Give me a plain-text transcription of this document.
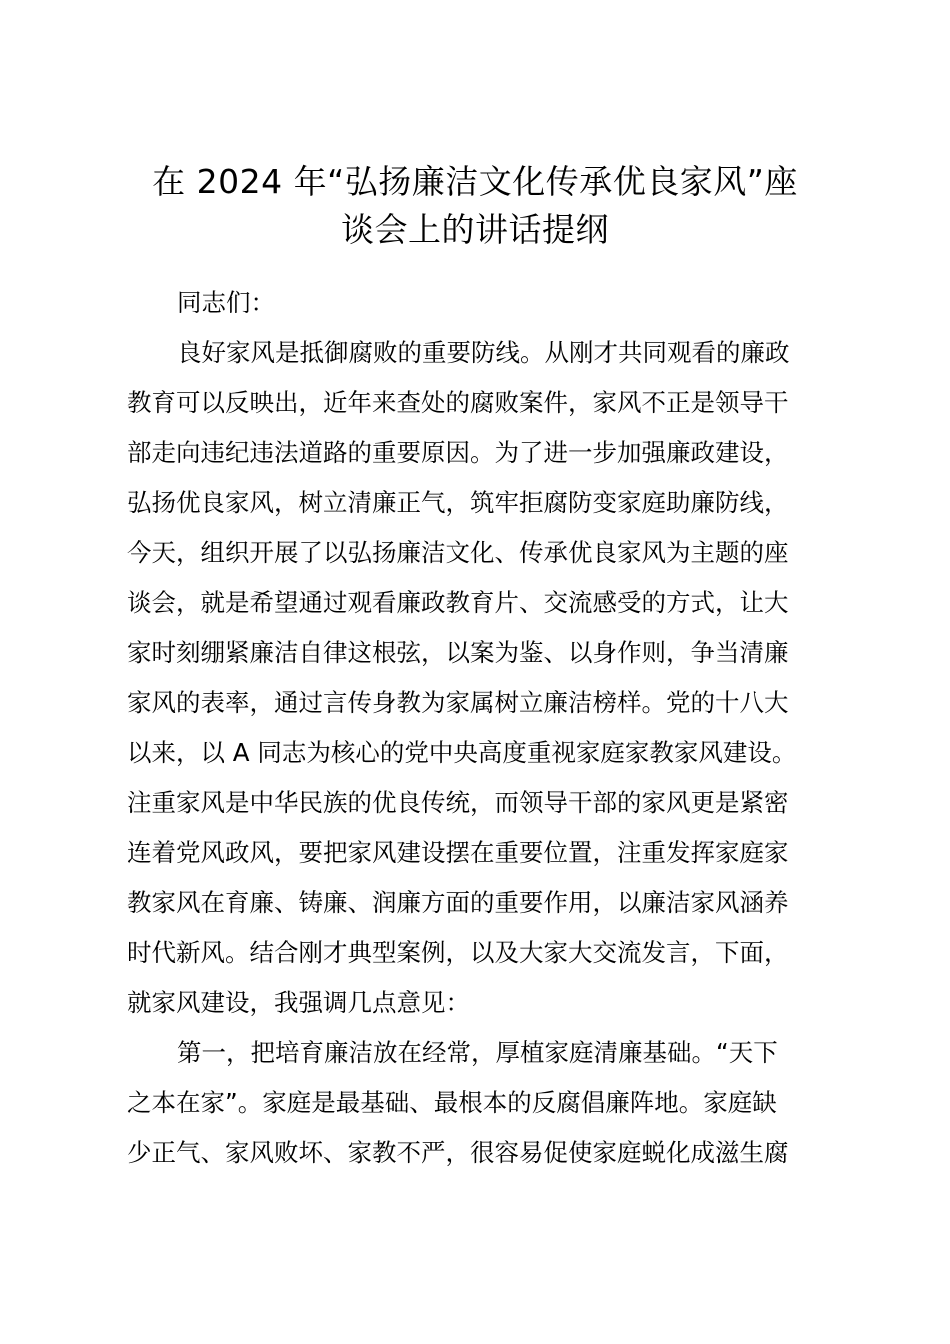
在 2024 年“弘扬廉洁文化传承优良家风”座
谈会上的讲话提纲
同志们：
良好家风是抵御腐败的重要防线。从刚才共同观看的廉政
教育可以反映出，近年来查处的腐败案件，家风不正是领导干
部走向违纪违法道路的重要原因。为了进一步加强廉政建设，
弘扬优良家风，树立清廉正气，筑牢拒腐防变家庭助廉防线，
今天，组织开展了以弘扬廉洁文化、传承优良家风为主题的座
谈会，就是希望通过观看廉政教育片、交流感受的方式，让大
家时刻绷紧廉洁自律这根弦，以案为鉴、以身作则，争当清廉
家风的表率，通过言传身教为家属树立廉洁榜样。党的十八大
以来，以 A 同志为核心的党中央高度重视家庭家教家风建设。
注重家风是中华民族的优良传统，而领导干部的家风更是紧密
连着党风政风，要把家风建设摆在重要位置，注重发挥家庭家
教家风在育廉、铸廉、润廉方面的重要作用，以廉洁家风涵养
时代新风。结合刚才典型案例，以及大家大交流发言，下面，
就家风建设，我强调几点意见：
第一，把培育廉洁放在经常，厚植家庭清廉基础。“天下
之本在家”。家庭是最基础、最根本的反腐倡廉阵地。家庭缺
少正气、家风败坏、家教不严，很容易促使家庭蜕化成滋生腐
